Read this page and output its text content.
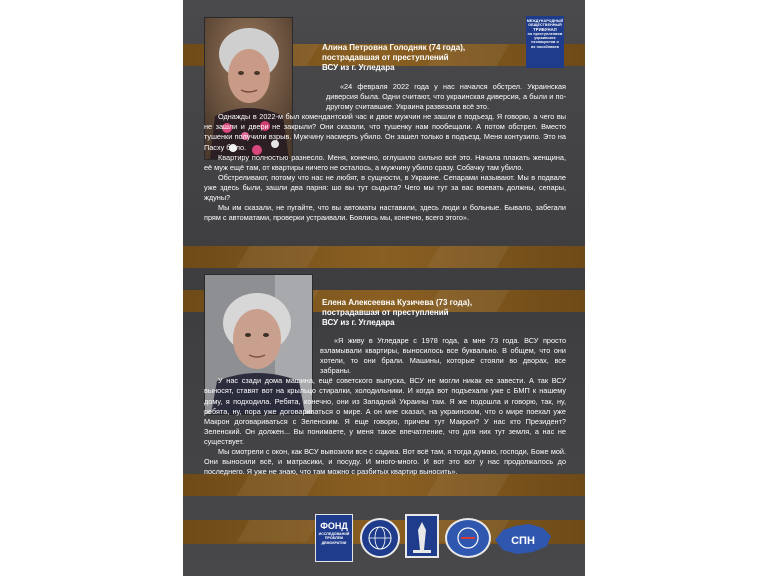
МЕЖДУНАРОДНЫЙ
ОБЩЕСТВЕННЫЙ
ТРИБУНАЛ
по преступлениям
украинских
неонацистов и
их пособников
Алина Петровна Голодняк (74 года),
пострадавшая от преступлений
ВСУ из г. Угледара

«24 февраля 2022 года у нас начался обстрел. Украинская диверсия была. Одни считают, что украинская диверсия, а были и по-другому считавшие. Украина развязала всё это.

Однажды в 2022-м был комендантский час и двое мужчин не зашли в подъезд. Я говорю, а чего вы не зашли и двери не закрыли? Они сказали, что тушенку нам пообещали. А потом обстрел. Вместо тушенки получили взрыв. Мужчину насмерть убило. Он зашел только в подъезд. Меня контузило. Это на Пасху было.

Квартиру полностью разнесло. Меня, конечно, оглушило сильно всё это. Начала плакать женщина, её муж ещё там, от квартиры ничего не осталось, а мужчину убило сразу. Собачку там убило.

Обстреливают, потому что нас не любят, в сущности, в Украине. Сепарами называют. Мы в подвале уже здесь были, зашли два парня: шо вы тут сыдыта? Чего мы тут за вас воевать должны, сепары, ждуны?

Мы им сказали, не пугайте, что вы автоматы наставили, здесь люди и больные. Бывало, забегали прям с автоматами, проверки устраивали. Боялись мы, конечно, всего этого».

Елена Алексеевна Кузичева (73 года),
пострадавшая от преступлений
ВСУ из г. Угледара

«Я живу в Угледаре с 1978 года, а мне 73 года. ВСУ просто взламывали квартиры, выносилось все буквально. В общем, что они хотели, то они брали. Машины, которые стояли во дворах, все забраны.

У нас сзади дома машина, ещё советского выпуска, ВСУ не могли никак ее завести. А так ВСУ выносят, ставят вот на крыльцо стиралки, холодильники. И когда вот подъехали уже с БМП к нашему дому, я подходила. Ребята, конечно, они из Западной Украины там. Я же подошла и говорю, так, ну, ребята, ну, пора уже договариваться о мире. А он мне сказал, на украинском, что о мире поехал уже Макрон договариваться с Зеленским. Я еще говорю, причем тут Макрон? У нас кто Президент? Зеленский. Он должен... Вы понимаете, у меня такое впечатление, что для них тут земля, а нас не существует.

Мы смотрели с окон, как ВСУ вывозили все с садика. Вот всё там, я тогда думаю, господи, Боже мой. Они выносили всё, и матрасики, и посуду. И много-много. И вот это вот у нас продолжалось до последнего. Я уже не знаю, что там можно с разбитых квартир выносить».

ФОНД
ИССЛЕДОВАНИЙ
ПРОБЛЕМ
ДЕМОКРАТИИ	СПН
